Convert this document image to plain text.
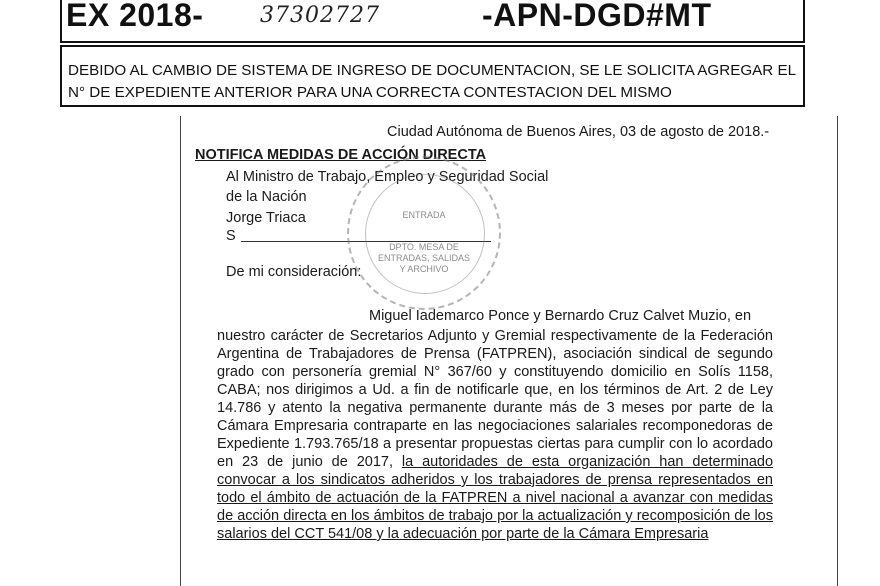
EX 2018-	37302727	-APN-DGD#MT
DEBIDO AL CAMBIO DE SISTEMA DE INGRESO DE DOCUMENTACION, SE LE SOLICITA AGREGAR EL N° DE EXPEDIENTE ANTERIOR PARA UNA CORRECTA CONTESTACION DEL MISMO
Ciudad Autónoma de Buenos Aires, 03 de agosto de 2018.-
NOTIFICA MEDIDAS DE ACCIÓN DIRECTA
Al Ministro de Trabajo, Empleo y Seguridad Social
de la Nación
Jorge Triaca
S
De mi consideración:
Miguel Iademarco Ponce y Bernardo Cruz Calvet Muzio, en
nuestro carácter de Secretarios Adjunto y Gremial respectivamente de la Federación Argentina de Trabajadores de Prensa (FATPREN), asociación sindical de segundo grado con personería gremial N° 367/60 y constituyendo domicilio en Solís 1158, CABA; nos dirigimos a Ud. a fin de notificarle que, en los términos de Art. 2 de Ley 14.786 y atento la negativa permanente durante más de 3 meses por parte de la Cámara Empresaria contraparte en las negociaciones salariales recomponedoras de Expediente 1.793.765/18 a presentar propuestas ciertas para cumplir con lo acordado en 23 de junio de 2017, la autoridades de esta organización han determinado convocar a los sindicatos adheridos y los trabajadores de prensa representados en todo el ámbito de actuación de la FATPREN a nivel nacional a avanzar con medidas de acción directa en los ámbitos de trabajo por la actualización y recomposición de los salarios del CCT 541/08 y la adecuación por parte de la Cámara Empresaria
ENTRADA
DPTO. MESA DE
ENTRADAS, SALIDAS
Y ARCHIVO
